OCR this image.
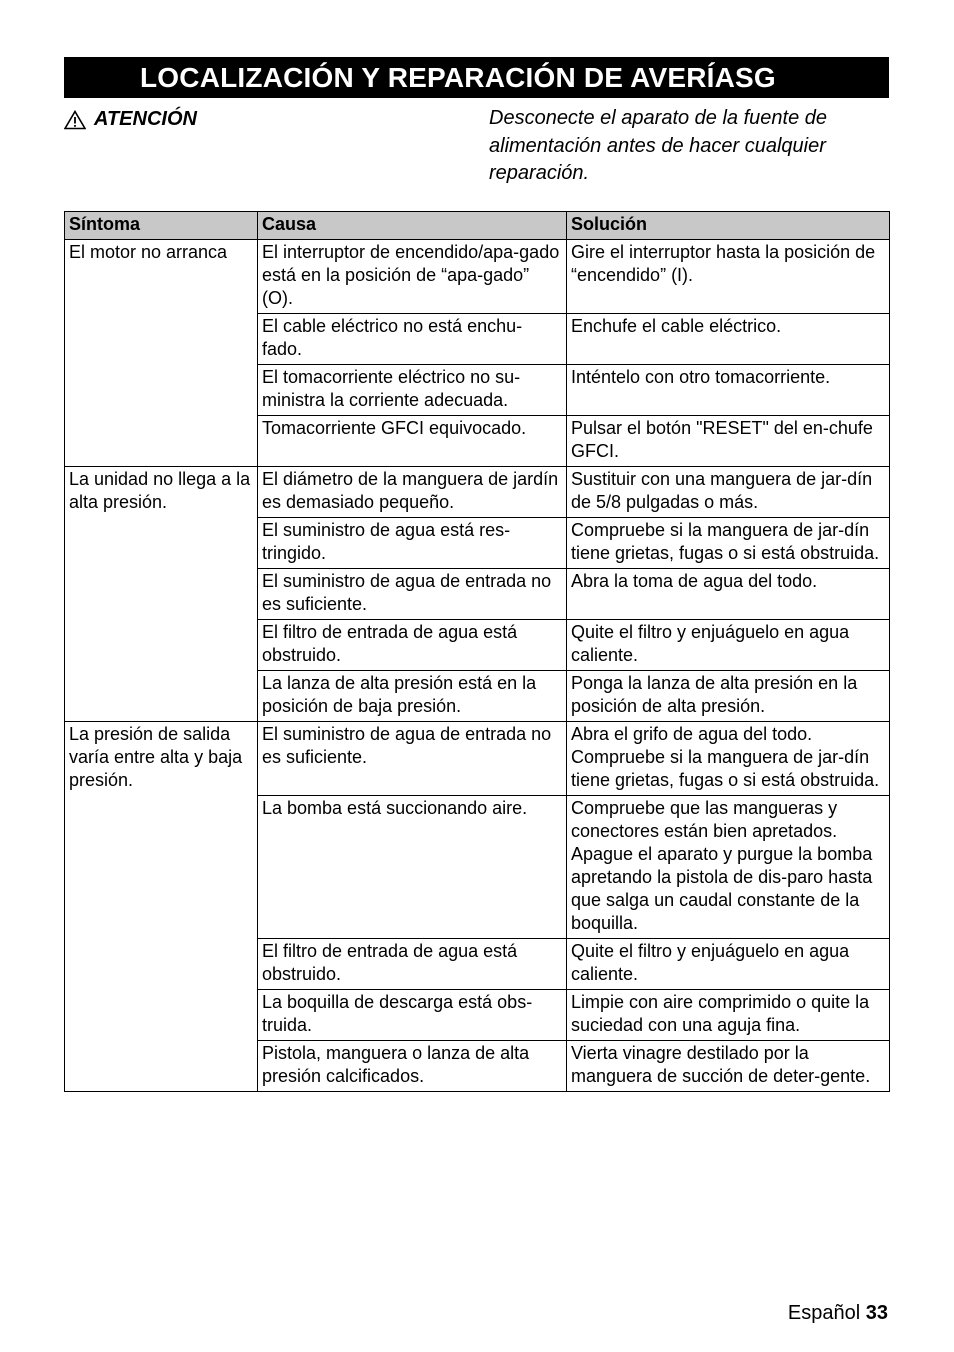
LOCALIZACIÓN Y REPARACIÓN DE AVERÍASG
ATENCIÓN	Desconecte el aparato de la fuente de alimentación antes de hacer cualquier reparación.
Síntoma	Causa	Solución
El motor no arranca	El interruptor de encendido/apa-gado está en la posición de “apa-gado” (O).	Gire el interruptor hasta la posición de “encendido” (I).
	El cable eléctrico no está enchu-fado.	Enchufe el cable eléctrico.
	El tomacorriente eléctrico no su-ministra la corriente adecuada.	Inténtelo con otro tomacorriente.
	Tomacorriente GFCI equivocado.	Pulsar el botón "RESET" del en-chufe GFCI.
La unidad no llega a la alta presión.	El diámetro de la manguera de jardín es demasiado pequeño.	Sustituir con una manguera de jar-dín de 5/8 pulgadas o más.
	El suministro de agua está res-tringido.	Compruebe si la manguera de jar-dín tiene grietas, fugas o si está obstruida.
	El suministro de agua de entrada no es suficiente.	Abra la toma de agua del todo.
	El filtro de entrada de agua está obstruido.	Quite el filtro y enjuáguelo en agua caliente.
	La lanza de alta presión está en la posición de baja presión.	Ponga la lanza de alta presión en la posición de alta presión.
La presión de salida varía entre alta y baja presión.	El suministro de agua de entrada no es suficiente.	Abra el grifo de agua del todo. Compruebe si la manguera de jar-dín tiene grietas, fugas o si está obstruida.
	La bomba está succionando aire.	Compruebe que las mangueras y conectores están bien apretados. Apague el aparato y purgue la bomba apretando la pistola de dis-paro hasta que salga un caudal constante de la boquilla.
	El filtro de entrada de agua está obstruido.	Quite el filtro y enjuáguelo en agua caliente.
	La boquilla de descarga está obs-truida.	Limpie con aire comprimido o quite la suciedad con una aguja fina.
	Pistola, manguera o lanza de alta presión calcificados.	Vierta vinagre destilado por la manguera de succión de deter-gente.
Español 33
